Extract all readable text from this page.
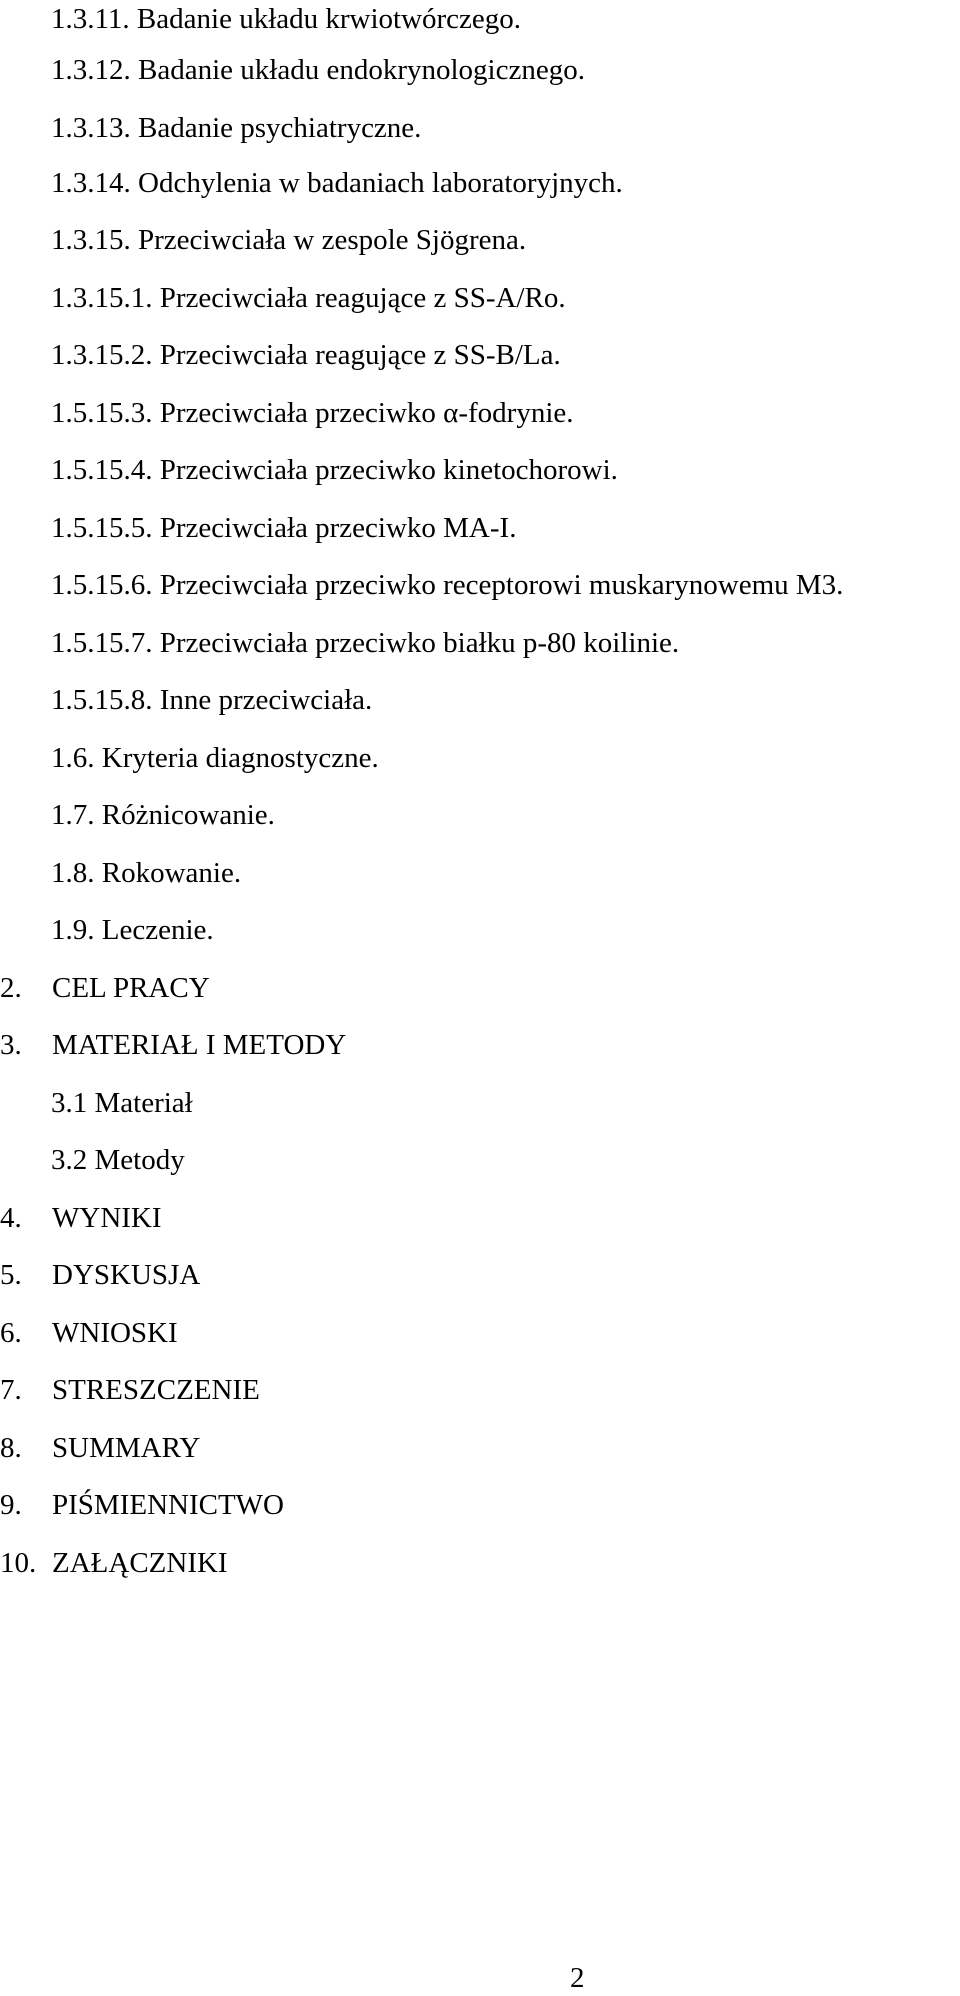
1.3.11. Badanie układu krwiotwórczego.
1.3.12. Badanie układu endokrynologicznego.
1.3.13. Badanie psychiatryczne.
1.3.14. Odchylenia w badaniach laboratoryjnych.
1.3.15. Przeciwciała w zespole Sjögrena.
1.3.15.1. Przeciwciała reagujące z SS-A/Ro.
1.3.15.2. Przeciwciała reagujące z SS-B/La.
1.5.15.3. Przeciwciała przeciwko α-fodrynie.
1.5.15.4. Przeciwciała przeciwko kinetochorowi.
1.5.15.5. Przeciwciała przeciwko MA-I.
1.5.15.6. Przeciwciała przeciwko receptorowi muskarynowemu M3.
1.5.15.7. Przeciwciała przeciwko białku p-80 koilinie.
1.5.15.8. Inne przeciwciała.
1.6. Kryteria diagnostyczne.
1.7. Różnicowanie.
1.8. Rokowanie.
1.9. Leczenie.
2. CEL PRACY
3. MATERIAŁ I METODY
3.1 Materiał
3.2 Metody
4. WYNIKI
5. DYSKUSJA
6. WNIOSKI
7. STRESZCZENIE
8. SUMMARY
9. PIŚMIENNICTWO
10. ZAŁĄCZNIKI
2
